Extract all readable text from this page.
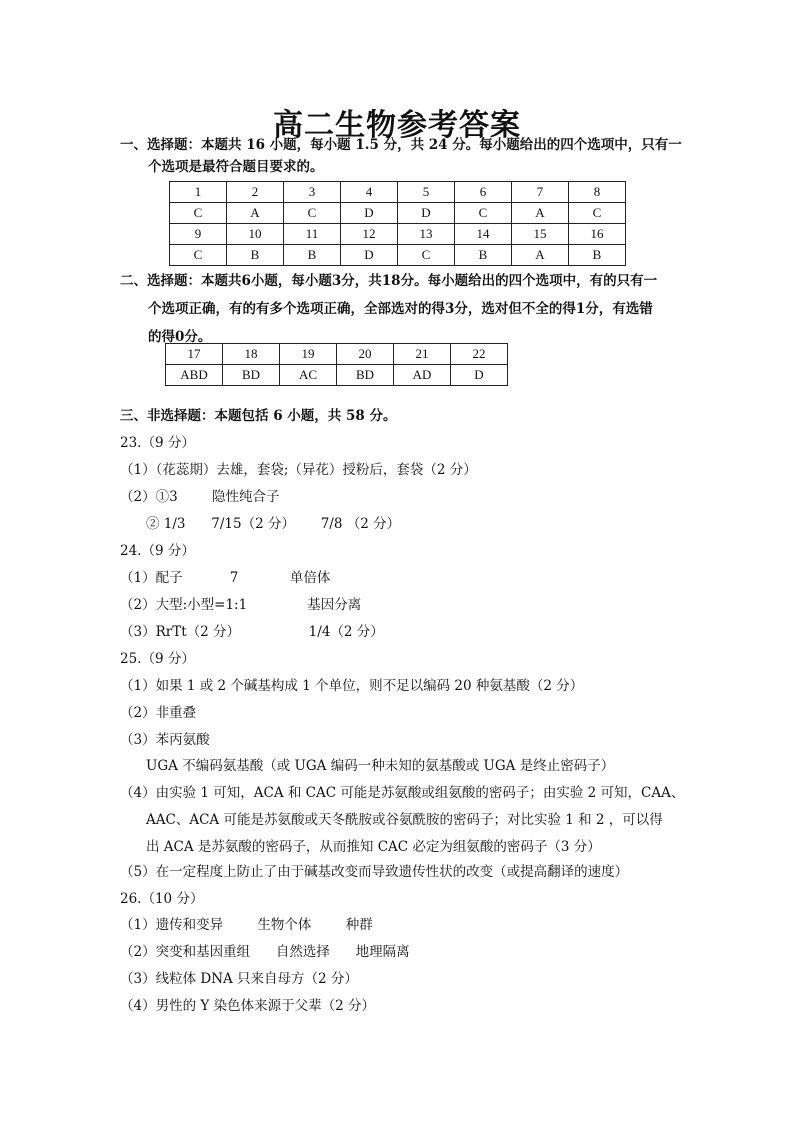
高二生物参考答案
一、选择题：本题共 16 小题，每小题 1.5 分，共 24 分。每小题给出的四个选项中，只有一
个选项是最符合题目要求的。
1	2	3	4	5	6	7	8
C	A	C	D	D	C	A	C
9	10	11	12	13	14	15	16
C	B	B	D	C	B	A	B
二、选择题：本题共6小题，每小题3分，共18分。每小题给出的四个选项中，有的只有一
个选项正确，有的有多个选项正确，全部选对的得3分，选对但不全的得1分，有选错
的得0分。
17	18	19	20	21	22
ABD	BD	AC	BD	AD	D
三、非选择题：本题包括 6 小题，共 58 分。
23.（9 分）
（1）（花蕊期）去雄，套袋;（异花）授粉后，套袋（2 分）
（2）①3        隐性纯合子
② 1/3      7/15（2 分）      7/8 （2 分）
24.（9 分）
（1）配子           7            单倍体
（2）大型:小型=1:1              基因分离
（3）RrTt（2 分）                1/4（2 分）
25.（9 分）
（1）如果 1 或 2 个碱基构成 1 个单位，则不足以编码 20 种氨基酸（2 分）
（2）非重叠
（3）苯丙氨酸
UGA 不编码氨基酸（或 UGA 编码一种未知的氨基酸或 UGA 是终止密码子）
（4）由实验 1 可知，ACA 和 CAC 可能是苏氨酸或组氨酸的密码子；由实验 2 可知，CAA、
AAC、ACA 可能是苏氨酸或天冬酰胺或谷氨酰胺的密码子；对比实验 1 和 2 ，可以得
出 ACA 是苏氨酸的密码子，从而推知 CAC 必定为组氨酸的密码子（3 分）
（5）在一定程度上防止了由于碱基改变而导致遗传性状的改变（或提高翻译的速度）
26.（10 分）
（1）遗传和变异        生物个体        种群
（2）突变和基因重组      自然选择      地理隔离
（3）线粒体 DNA 只来自母方（2 分）
（4）男性的 Y 染色体来源于父辈（2 分）
